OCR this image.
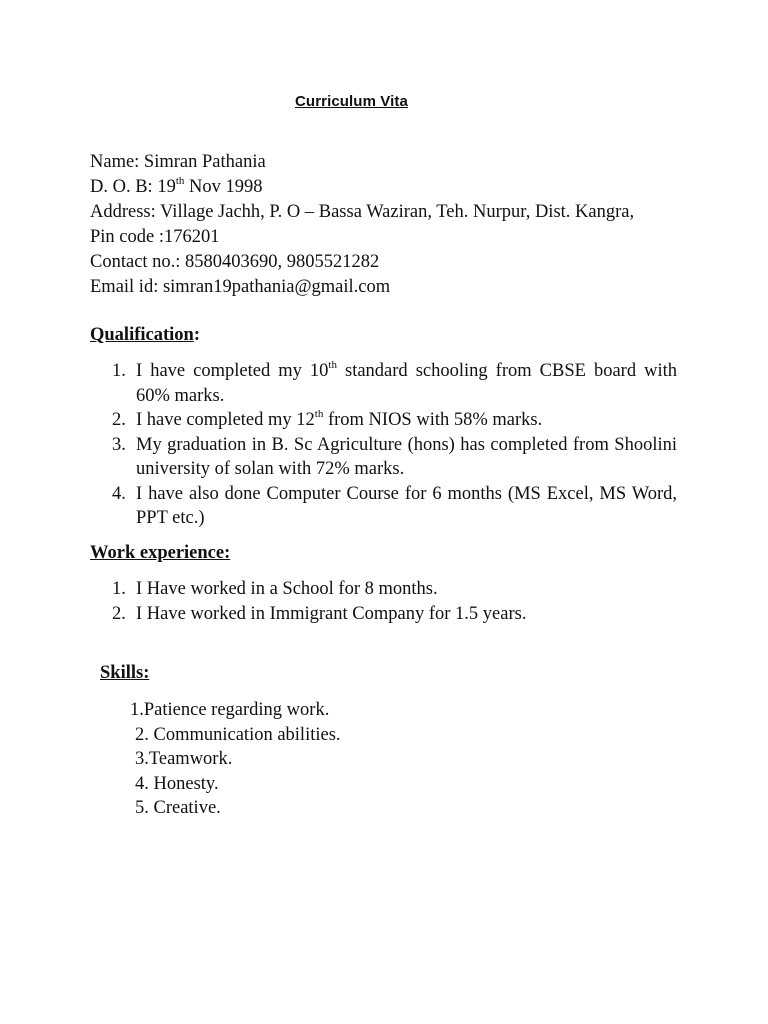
Curriculum Vita
Name: Simran Pathania
D. O. B: 19th Nov 1998
Address: Village Jachh, P. O – Bassa Waziran, Teh. Nurpur, Dist. Kangra,
Pin code :176201
Contact no.: 8580403690, 9805521282
Email id: simran19pathania@gmail.com
Qualification:
1. I have completed my 10th standard schooling from CBSE board with 60% marks.
2. I have completed my 12th from NIOS with 58% marks.
3. My graduation in B. Sc Agriculture (hons) has completed from Shoolini university of solan with 72% marks.
4. I have also done Computer Course for 6 months (MS Excel, MS Word, PPT etc.)
Work experience:
1. I Have worked in a School for 8 months.
2. I Have worked in Immigrant Company for 1.5 years.
Skills:
1.Patience regarding work.
2. Communication abilities.
3.Teamwork.
4. Honesty.
5. Creative.
